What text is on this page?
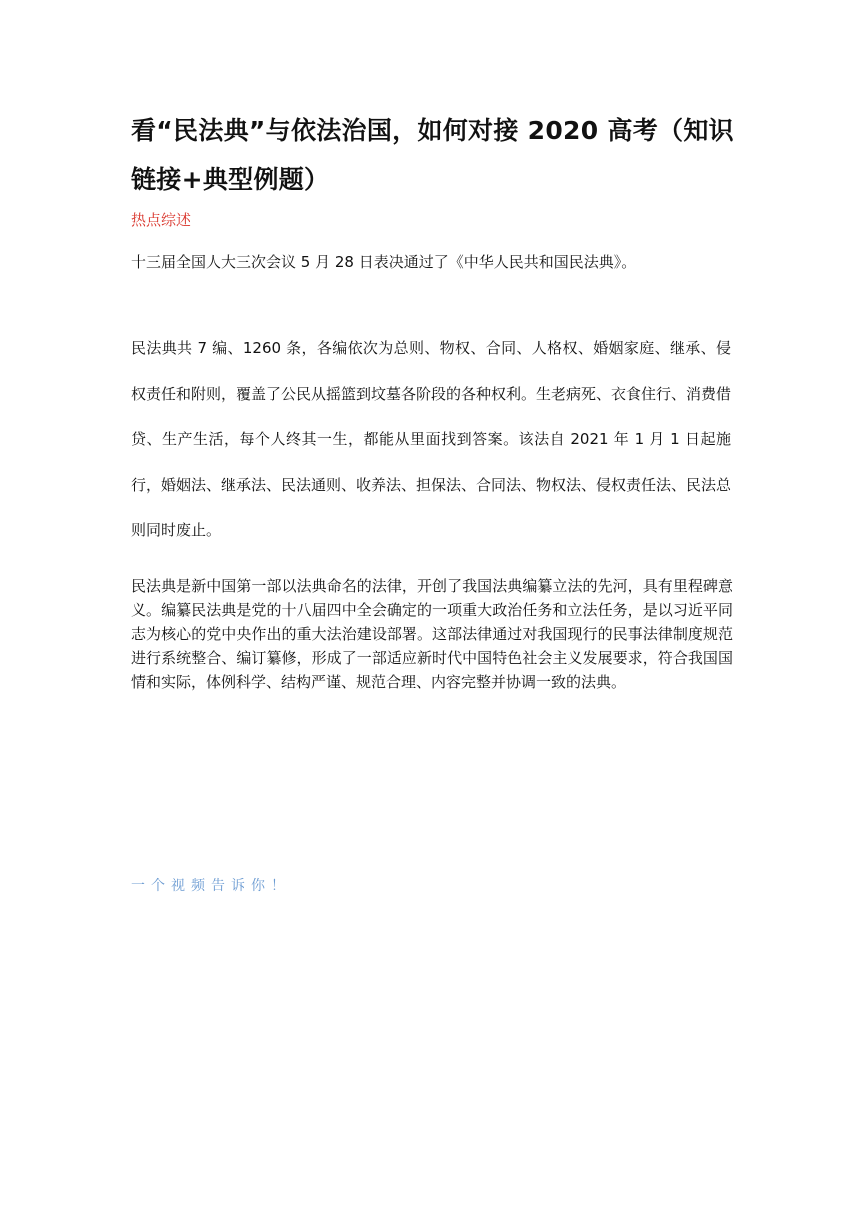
看“民法典”与依法治国，如何对接 2020 高考（知识链接+典型例题）
热点综述
十三届全国人大三次会议 5 月 28 日表决通过了《中华人民共和国民法典》。

民法典共 7 编、1260 条，各编依次为总则、物权、合同、人格权、婚姻家庭、继承、侵权责任和附则，覆盖了公民从摇篮到坟墓各阶段的各种权利。生老病死、衣食住行、消费借贷、生产生活，每个人终其一生，都能从里面找到答案。该法自 2021 年 1 月 1 日起施行，婚姻法、继承法、民法通则、收养法、担保法、合同法、物权法、侵权责任法、民法总则同时废止。

民法典是新中国第一部以法典命名的法律，开创了我国法典编纂立法的先河，具有里程碑意义。编纂民法典是党的十八届四中全会确定的一项重大政治任务和立法任务，是以习近平同志为核心的党中央作出的重大法治建设部署。这部法律通过对我国现行的民事法律制度规范进行系统整合、编订纂修，形成了一部适应新时代中国特色社会主义发展要求，符合我国国情和实际，体例科学、结构严谨、规范合理、内容完整并协调一致的法典。

一个视频告诉你！
